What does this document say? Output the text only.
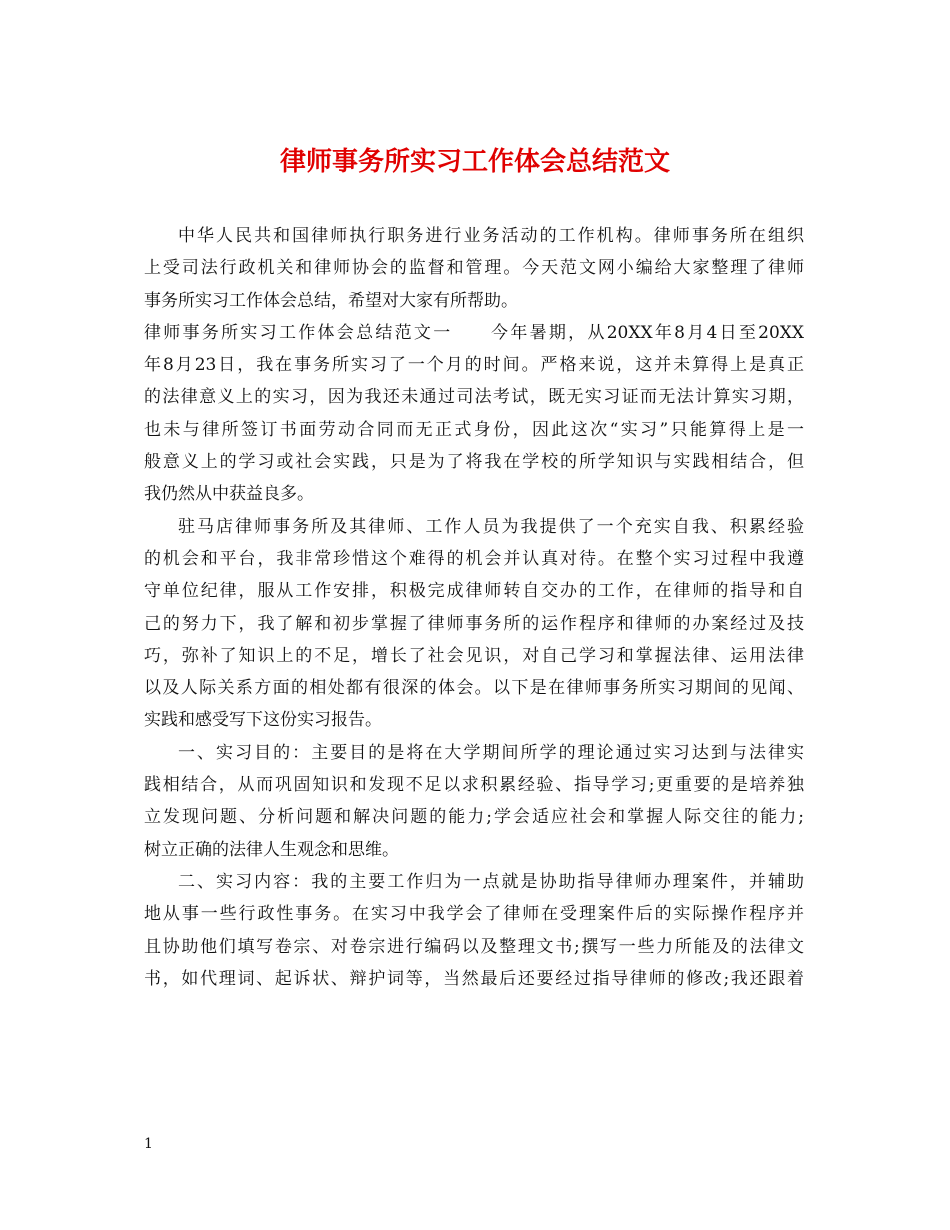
律师事务所实习工作体会总结范文
中华人民共和国律师执行职务进行业务活动的工作机构。律师事务所在组织
上受司法行政机关和律师协会的监督和管理。今天范文网小编给大家整理了律师
事务所实习工作体会总结，希望对大家有所帮助。
律师事务所实习工作体会总结范文一　　今年暑期，从20XX年8月4日至20XX
年8月23日，我在事务所实习了一个月的时间。严格来说，这并未算得上是真正
的法律意义上的实习，因为我还未通过司法考试，既无实习证而无法计算实习期，
也未与律所签订书面劳动合同而无正式身份，因此这次“实习”只能算得上是一
般意义上的学习或社会实践，只是为了将我在学校的所学知识与实践相结合，但
我仍然从中获益良多。
驻马店律师事务所及其律师、工作人员为我提供了一个充实自我、积累经验
的机会和平台，我非常珍惜这个难得的机会并认真对待。在整个实习过程中我遵
守单位纪律，服从工作安排，积极完成律师转自交办的工作，在律师的指导和自
己的努力下，我了解和初步掌握了律师事务所的运作程序和律师的办案经过及技
巧，弥补了知识上的不足，增长了社会见识，对自己学习和掌握法律、运用法律
以及人际关系方面的相处都有很深的体会。以下是在律师事务所实习期间的见闻、
实践和感受写下这份实习报告。
一、实习目的：主要目的是将在大学期间所学的理论通过实习达到与法律实
践相结合，从而巩固知识和发现不足以求积累经验、指导学习;更重要的是培养独
立发现问题、分析问题和解决问题的能力;学会适应社会和掌握人际交往的能力;
树立正确的法律人生观念和思维。
二、实习内容：我的主要工作归为一点就是协助指导律师办理案件，并辅助
地从事一些行政性事务。在实习中我学会了律师在受理案件后的实际操作程序并
且协助他们填写卷宗、对卷宗进行编码以及整理文书;撰写一些力所能及的法律文
书，如代理词、起诉状、辩护词等，当然最后还要经过指导律师的修改;我还跟着
1
